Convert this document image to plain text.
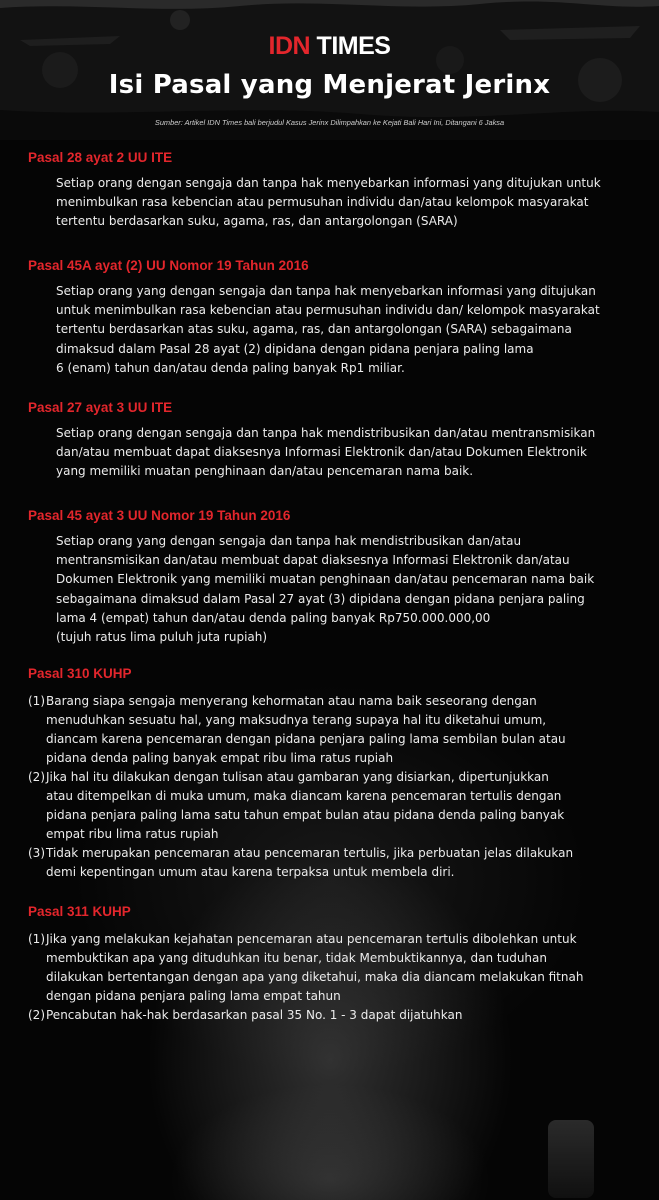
IDN TIMES
Isi Pasal yang Menjerat Jerinx
Sumber: Artikel IDN Times bali berjudul Kasus Jerinx Dilimpahkan ke Kejati Bali Hari Ini, Ditangani 6 Jaksa
Pasal 28 ayat 2 UU ITE
Setiap orang dengan sengaja dan tanpa hak menyebarkan informasi yang ditujukan untuk
menimbulkan rasa kebencian atau permusuhan individu dan/atau kelompok masyarakat
tertentu berdasarkan suku, agama, ras, dan antargolongan (SARA)
Pasal 45A ayat (2) UU Nomor 19 Tahun 2016
Setiap orang yang dengan sengaja dan tanpa hak menyebarkan informasi yang ditujukan
untuk menimbulkan rasa kebencian atau permusuhan individu dan/ kelompok masyarakat
tertentu berdasarkan atas suku, agama, ras, dan antargolongan (SARA) sebagaimana
dimaksud dalam Pasal 28 ayat (2) dipidana dengan pidana penjara paling lama
6 (enam) tahun dan/atau denda paling banyak Rp1 miliar.
Pasal 27 ayat 3 UU ITE
Setiap orang dengan sengaja dan tanpa hak mendistribusikan dan/atau mentransmisikan
dan/atau membuat dapat diaksesnya Informasi Elektronik dan/atau Dokumen Elektronik
yang memiliki muatan penghinaan dan/atau pencemaran nama baik.
Pasal 45 ayat 3 UU Nomor 19 Tahun 2016
Setiap orang yang dengan sengaja dan tanpa hak mendistribusikan dan/atau
mentransmisikan dan/atau membuat dapat diaksesnya Informasi Elektronik dan/atau
Dokumen Elektronik yang memiliki muatan penghinaan dan/atau pencemaran nama baik
sebagaimana dimaksud dalam Pasal 27 ayat (3) dipidana dengan pidana penjara paling
lama 4 (empat) tahun dan/atau denda paling banyak Rp750.000.000,00
(tujuh ratus lima puluh juta rupiah)
Pasal 310 KUHP
(1) Barang siapa sengaja menyerang kehormatan atau nama baik seseorang dengan
menuduhkan sesuatu hal, yang maksudnya terang supaya hal itu diketahui umum,
diancam karena pencemaran dengan pidana penjara paling lama sembilan bulan atau
pidana denda paling banyak empat ribu lima ratus rupiah
(2) Jika hal itu dilakukan dengan tulisan atau gambaran yang disiarkan, dipertunjukkan
atau ditempelkan di muka umum, maka diancam karena pencemaran tertulis dengan
pidana penjara paling lama satu tahun empat bulan atau pidana denda paling banyak
empat ribu lima ratus rupiah
(3) Tidak merupakan pencemaran atau pencemaran tertulis, jika perbuatan jelas dilakukan
demi kepentingan umum atau karena terpaksa untuk membela diri.
Pasal 311 KUHP
(1) Jika yang melakukan kejahatan pencemaran atau pencemaran tertulis dibolehkan untuk
membuktikan apa yang dituduhkan itu benar, tidak Membuktikannya, dan tuduhan
dilakukan bertentangan dengan apa yang diketahui, maka dia diancam melakukan fitnah
dengan pidana penjara paling lama empat tahun
(2) Pencabutan hak-hak berdasarkan pasal 35 No. 1 - 3 dapat dijatuhkan
